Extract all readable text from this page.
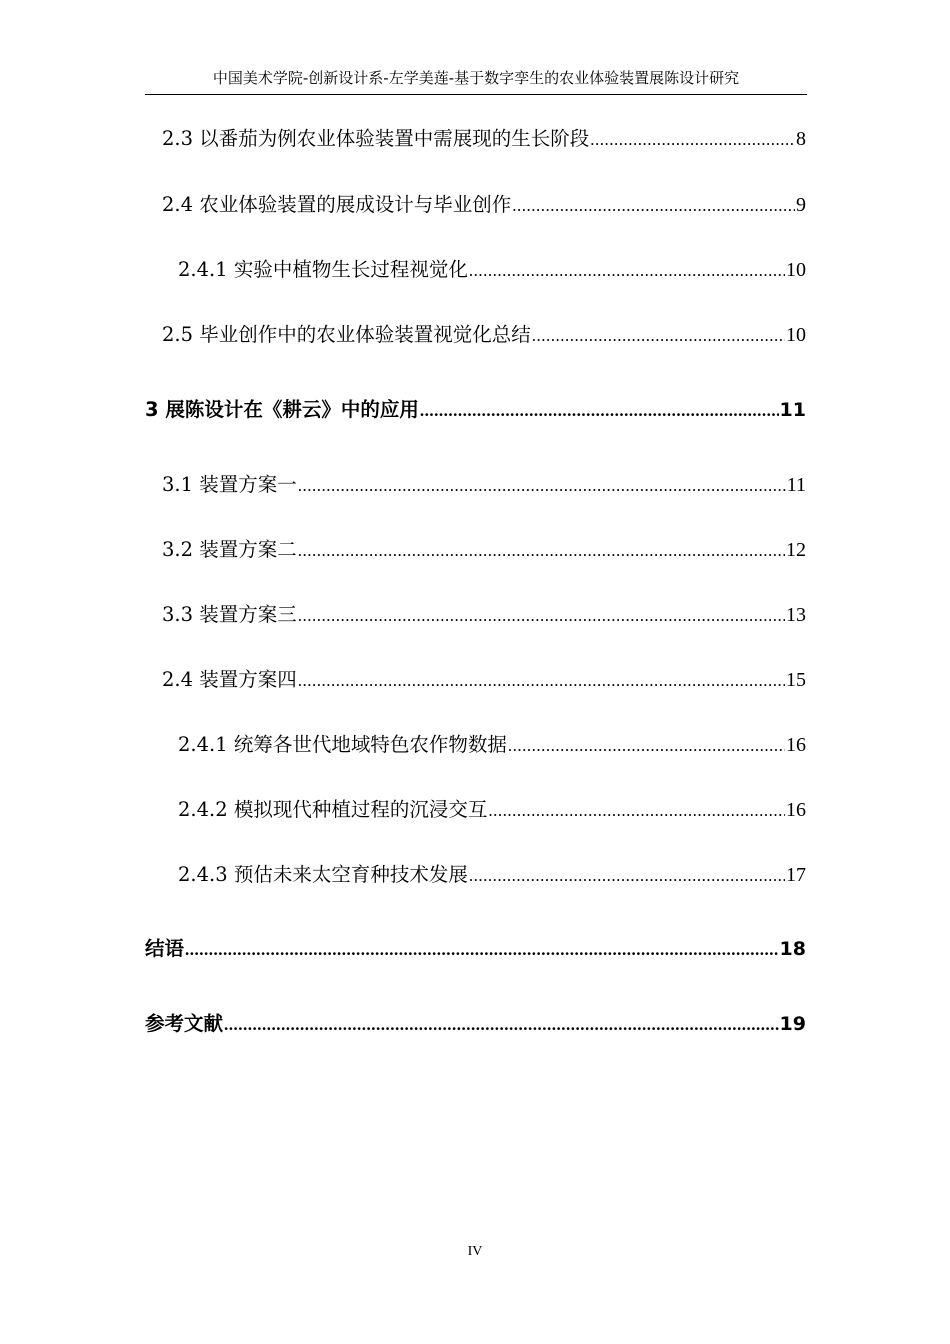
中国美术学院-创新设计系-左学美莲-基于数字孪生的农业体验装置展陈设计研究
2.3 以番茄为例农业体验装置中需展现的生长阶段 .....	8
2.4 农业体验装置的展成设计与毕业创作 .....	9
2.4.1 实验中植物生长过程视觉化 .....	10
2.5 毕业创作中的农业体验装置视觉化总结 .....	10
3 展陈设计在《耕云》中的应用 .....	11
3.1 装置方案一 .....	11
3.2 装置方案二 .....	12
3.3 装置方案三 .....	13
2.4 装置方案四 .....	15
2.4.1 统筹各世代地域特色农作物数据 .....	16
2.4.2 模拟现代种植过程的沉浸交互 .....	16
2.4.3 预估未来太空育种技术发展 .....	17
结语 .....	18
参考文献 .....	19
IV
